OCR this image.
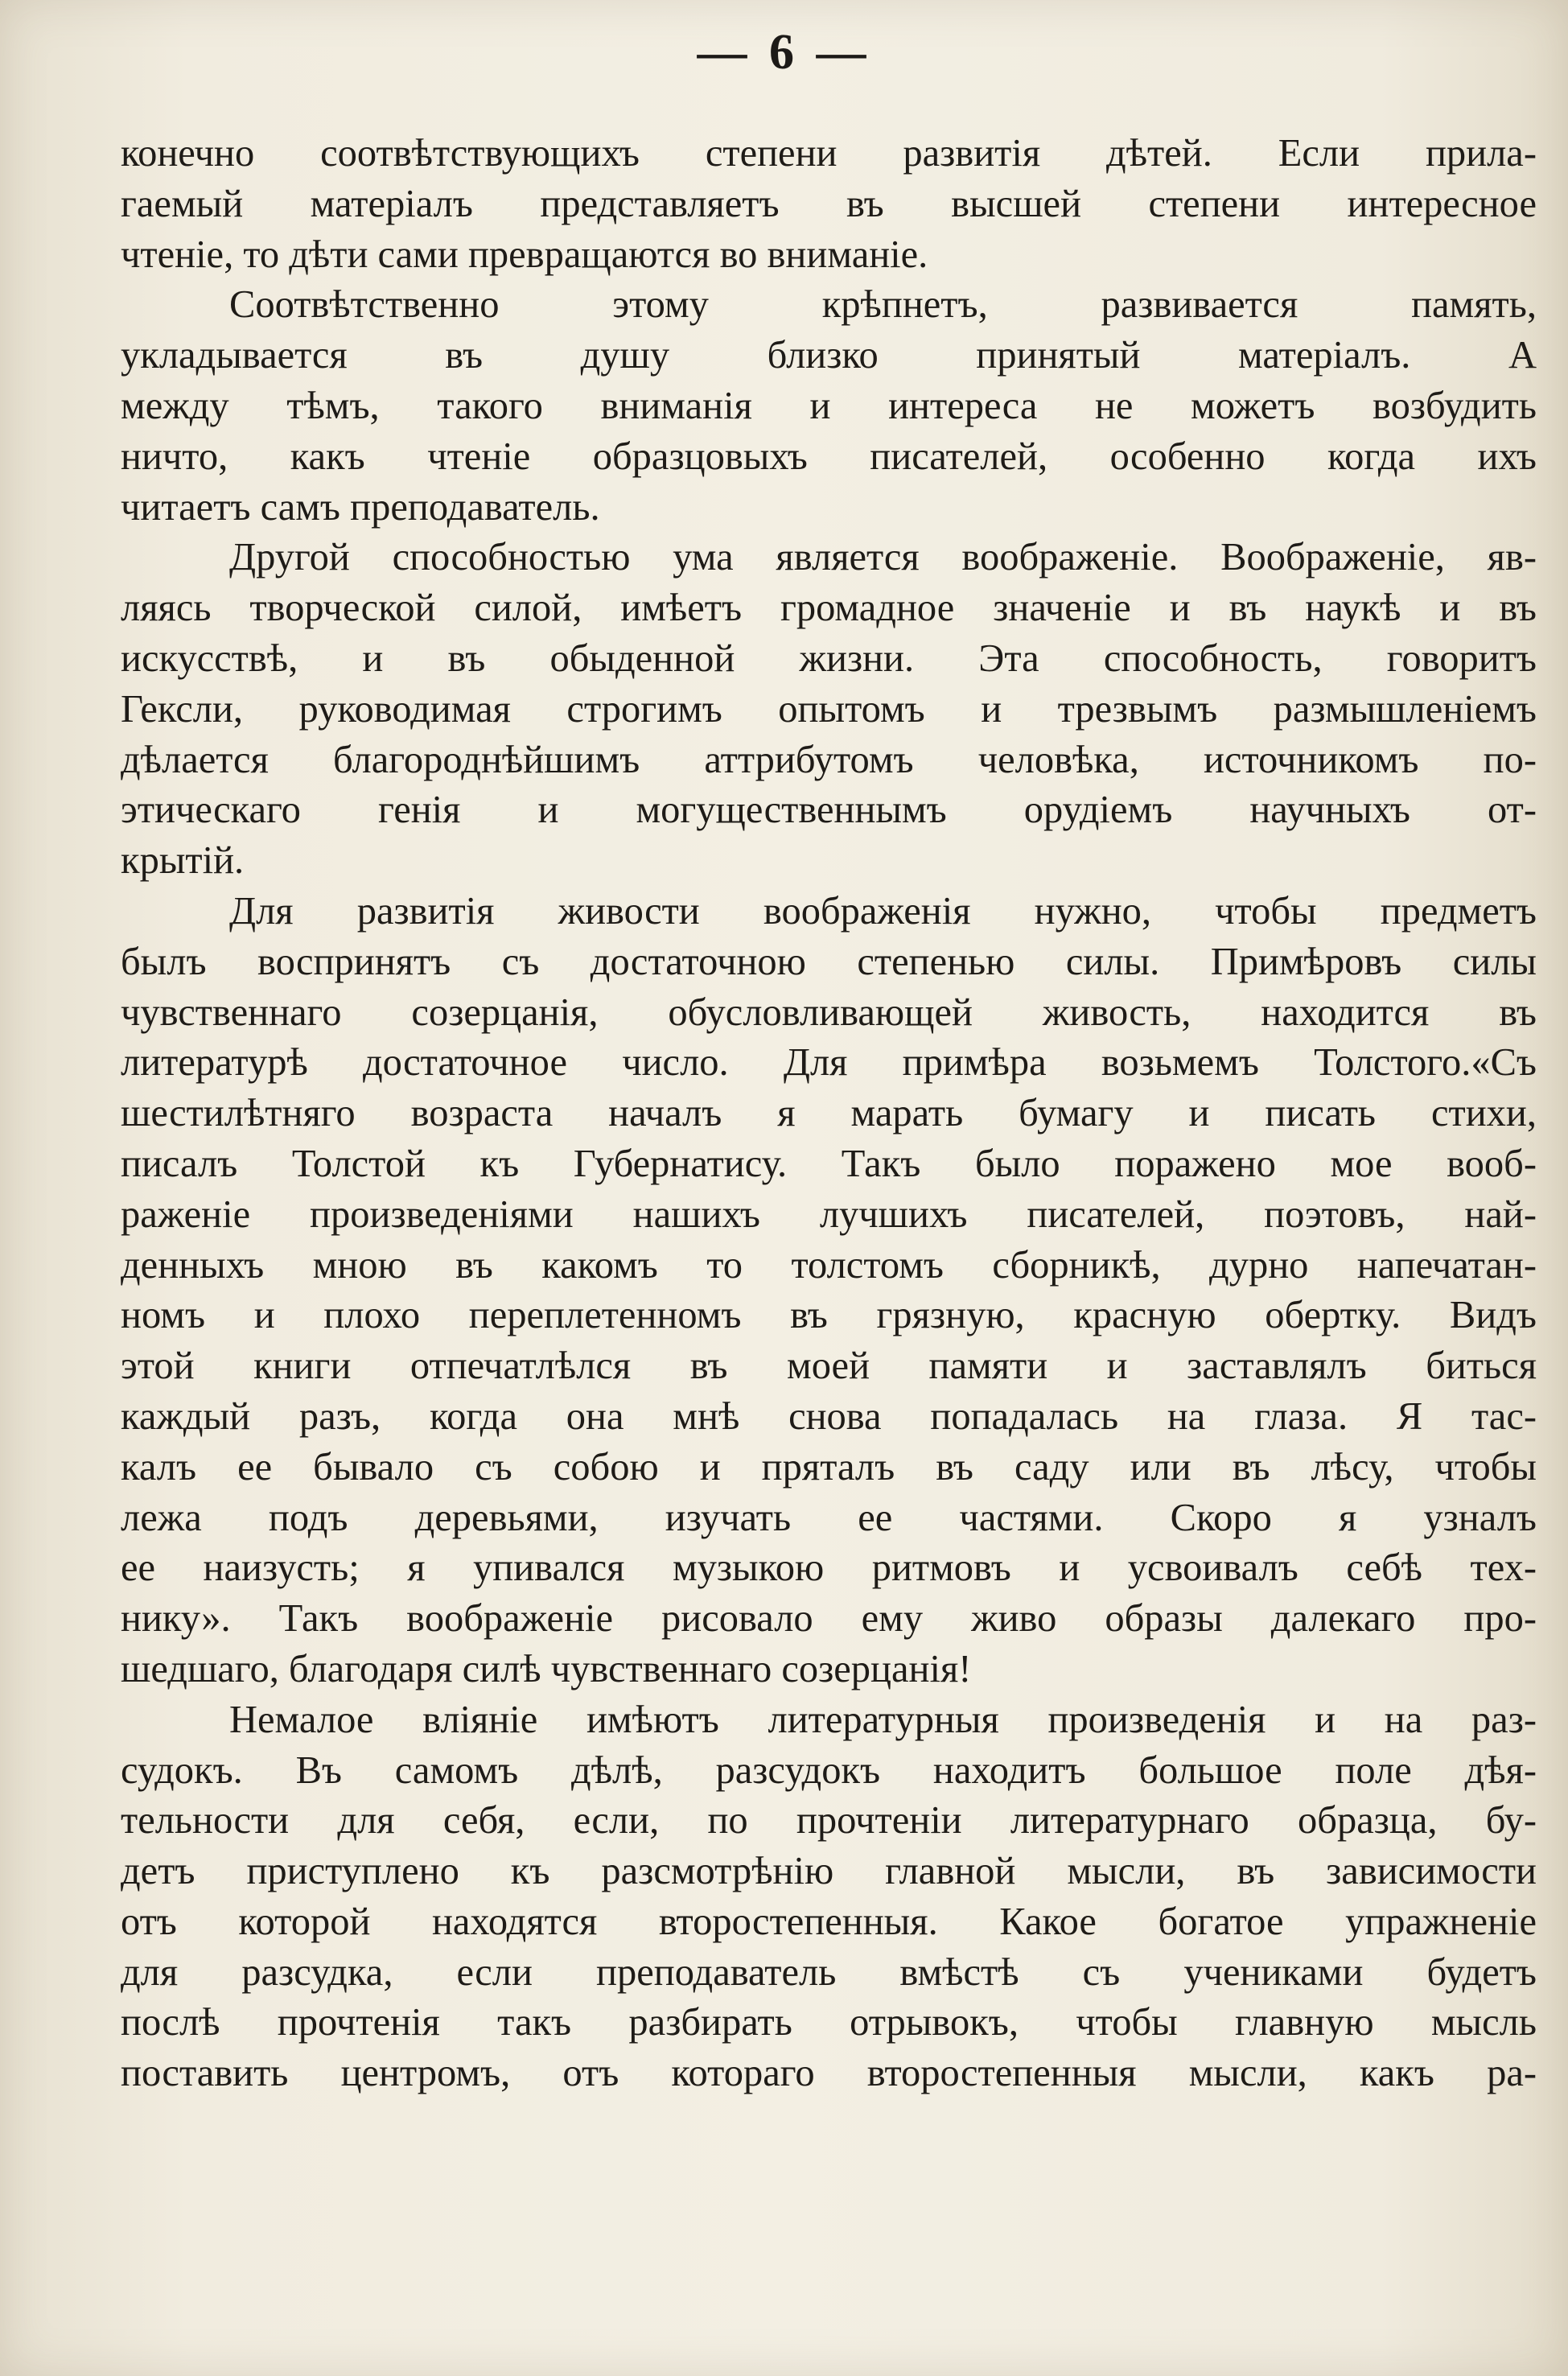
— 6 —
конечно соотвѣтствующихъ степени развитія дѣтей. Если прила-
гаемый матеріалъ представляетъ въ высшей степени интересное
чтеніе, то дѣти сами превращаются во вниманіе.
Соотвѣтственно этому крѣпнетъ, развивается память,
укладывается въ душу близко принятый матеріалъ. А
между тѣмъ, такого вниманія и интереса не можетъ возбудить
ничто, какъ чтеніе образцовыхъ писателей, особенно когда ихъ
читаетъ самъ преподаватель.
Другой способностью ума является воображеніе. Воображеніе, яв-
ляясь творческой силой, имѣетъ громадное значеніе и въ наукѣ и въ
искусствѣ, и въ обыденной жизни. Эта способность, говоритъ
Гексли, руководимая строгимъ опытомъ и трезвымъ размышленіемъ
дѣлается благороднѣйшимъ аттрибутомъ человѣка, источникомъ по-
этическаго генія и могущественнымъ орудіемъ научныхъ от-
крытій.
Для развитія живости воображенія нужно, чтобы предметъ
былъ воспринятъ съ достаточною степенью силы. Примѣровъ силы
чувственнаго созерцанія, обусловливающей живость, находится въ
литературѣ достаточное число. Для примѣра возьмемъ Толстого.«Съ
шестилѣтняго возраста началъ я марать бумагу и писать стихи,
писалъ Толстой къ Губернатису. Такъ было поражено мое вооб-
раженіе произведеніями нашихъ лучшихъ писателей, поэтовъ, най-
денныхъ мною въ какомъ то толстомъ сборникѣ, дурно напечатан-
номъ и плохо переплетенномъ въ грязную, красную обертку. Видъ
этой книги отпечатлѣлся въ моей памяти и заставлялъ биться
каждый разъ, когда она мнѣ снова попадалась на глаза. Я тас-
калъ ее бывало съ собою и пряталъ въ саду или въ лѣсу, чтобы
лежа подъ деревьями, изучать ее частями. Скоро я узналъ
ее наизусть; я упивался музыкою ритмовъ и усвоивалъ себѣ тех-
нику». Такъ воображеніе рисовало ему живо образы далекаго про-
шедшаго, благодаря силѣ чувственнаго созерцанія!
Немалое вліяніе имѣютъ литературныя произведенія и на раз-
судокъ. Въ самомъ дѣлѣ, разсудокъ находитъ большое поле дѣя-
тельности для себя, если, по прочтеніи литературнаго образца, бу-
детъ приступлено къ разсмотрѣнію главной мысли, въ зависимости
отъ которой находятся второстепенныя. Какое богатое упражненіе
для разсудка, если преподаватель вмѣстѣ съ учениками будетъ
послѣ прочтенія такъ разбирать отрывокъ, чтобы главную мысль
поставить центромъ, отъ котораго второстепенныя мысли, какъ ра-
